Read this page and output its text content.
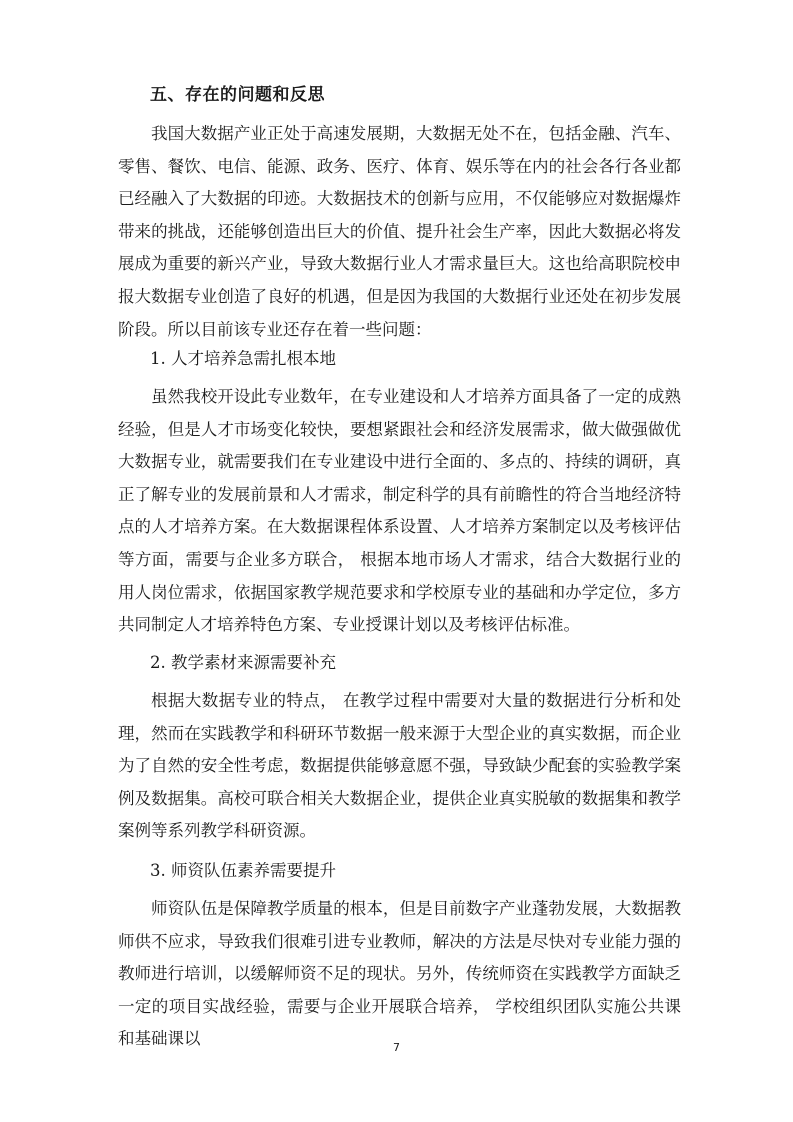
五、存在的问题和反思

我国大数据产业正处于高速发展期，大数据无处不在，包括金融、汽车、零售、餐饮、电信、能源、政务、医疗、体育、娱乐等在内的社会各行各业都已经融入了大数据的印迹。大数据技术的创新与应用，不仅能够应对数据爆炸带来的挑战，还能够创造出巨大的价值、提升社会生产率，因此大数据必将发展成为重要的新兴产业，导致大数据行业人才需求量巨大。这也给高职院校申报大数据专业创造了良好的机遇，但是因为我国的大数据行业还处在初步发展阶段。所以目前该专业还存在着一些问题：

1. 人才培养急需扎根本地

虽然我校开设此专业数年，在专业建设和人才培养方面具备了一定的成熟经验，但是人才市场变化较快，要想紧跟社会和经济发展需求，做大做强做优大数据专业，就需要我们在专业建设中进行全面的、多点的、持续的调研，真正了解专业的发展前景和人才需求，制定科学的具有前瞻性的符合当地经济特点的人才培养方案。在大数据课程体系设置、人才培养方案制定以及考核评估等方面，需要与企业多方联合， 根据本地市场人才需求，结合大数据行业的用人岗位需求，依据国家教学规范要求和学校原专业的基础和办学定位，多方共同制定人才培养特色方案、专业授课计划以及考核评估标准。

2. 教学素材来源需要补充

根据大数据专业的特点， 在教学过程中需要对大量的数据进行分析和处理，然而在实践教学和科研环节数据一般来源于大型企业的真实数据，而企业为了自然的安全性考虑，数据提供能够意愿不强，导致缺少配套的实验教学案例及数据集。高校可联合相关大数据企业，提供企业真实脱敏的数据集和教学案例等系列教学科研资源。

3. 师资队伍素养需要提升

师资队伍是保障教学质量的根本，但是目前数字产业蓬勃发展，大数据教师供不应求，导致我们很难引进专业教师，解决的方法是尽快对专业能力强的教师进行培训，以缓解师资不足的现状。另外，传统师资在实践教学方面缺乏一定的项目实战经验，需要与企业开展联合培养， 学校组织团队实施公共课和基础课以	7
